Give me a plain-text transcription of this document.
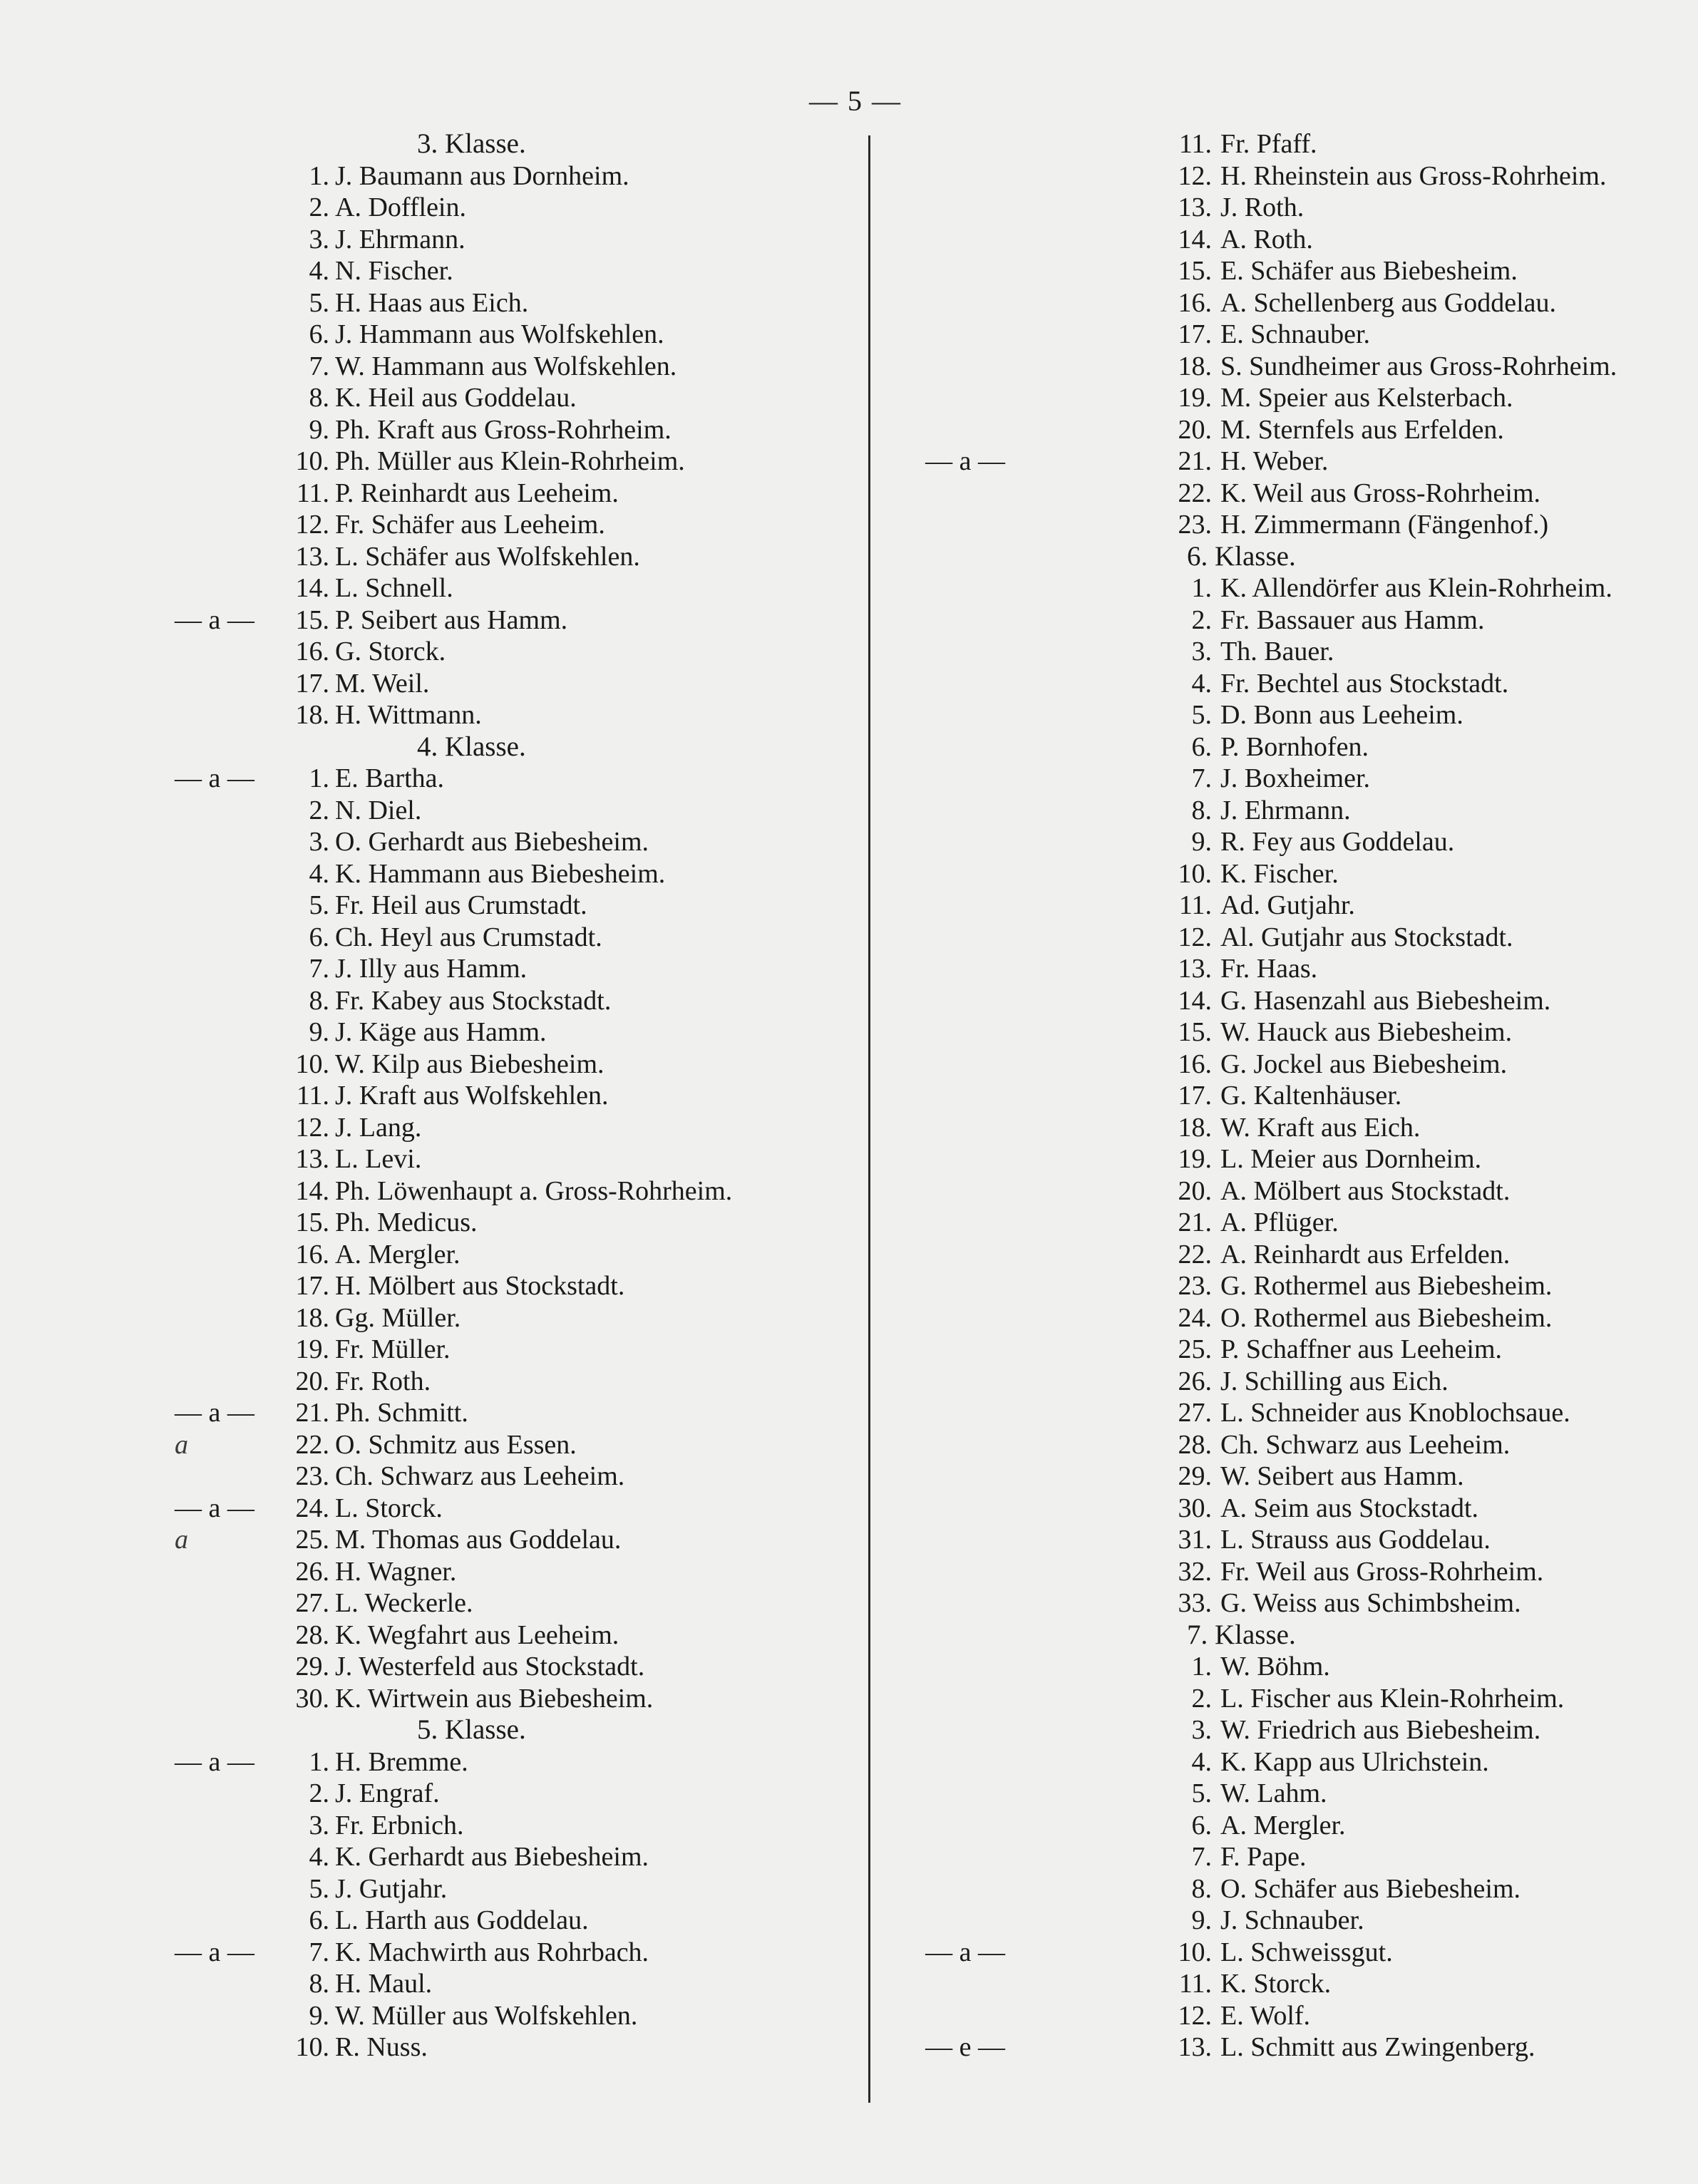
— 5 —
3. Klasse.
1. J. Baumann aus Dornheim.
2. A. Dofflein.
3. J. Ehrmann.
4. N. Fischer.
5. H. Haas aus Eich.
6. J. Hammann aus Wolfskehlen.
7. W. Hammann aus Wolfskehlen.
8. K. Heil aus Goddelau.
9. Ph. Kraft aus Gross-Rohrheim.
10. Ph. Müller aus Klein-Rohrheim.
11. P. Reinhardt aus Leeheim.
12. Fr. Schäfer aus Leeheim.
13. L. Schäfer aus Wolfskehlen.
14. L. Schnell.
— a —	15. P. Seibert aus Hamm.
16. G. Storck.
17. M. Weil.
18. H. Wittmann.
4. Klasse.
— a —	1. E. Bartha.
2. N. Diel.
3. O. Gerhardt aus Biebesheim.
4. K. Hammann aus Biebesheim.
5. Fr. Heil aus Crumstadt.
6. Ch. Heyl aus Crumstadt.
7. J. Illy aus Hamm.
8. Fr. Kabey aus Stockstadt.
9. J. Käge aus Hamm.
10. W. Kilp aus Biebesheim.
11. J. Kraft aus Wolfskehlen.
12. J. Lang.
13. L. Levi.
14. Ph. Löwenhaupt a. Gross-Rohrheim.
15. Ph. Medicus.
16. A. Mergler.
17. H. Mölbert aus Stockstadt.
18. Gg. Müller.
19. Fr. Müller.
20. Fr. Roth.
— a —	21. Ph. Schmitt.
a	22. O. Schmitz aus Essen.
23. Ch. Schwarz aus Leeheim.
— a —	24. L. Storck.
a	25. M. Thomas aus Goddelau.
26. H. Wagner.
27. L. Weckerle.
28. K. Wegfahrt aus Leeheim.
29. J. Westerfeld aus Stockstadt.
30. K. Wirtwein aus Biebesheim.
5. Klasse.
— a —	1. H. Bremme.
2. J. Engraf.
3. Fr. Erbnich.
4. K. Gerhardt aus Biebesheim.
5. J. Gutjahr.
6. L. Harth aus Goddelau.
— a —	7. K. Machwirth aus Rohrbach.
8. H. Maul.
9. W. Müller aus Wolfskehlen.
10. R. Nuss.
11. Fr. Pfaff.
12. H. Rheinstein aus Gross-Rohrheim.
13. J. Roth.
14. A. Roth.
15. E. Schäfer aus Biebesheim.
16. A. Schellenberg aus Goddelau.
17. E. Schnauber.
18. S. Sundheimer aus Gross-Rohrheim.
19. M. Speier aus Kelsterbach.
20. M. Sternfels aus Erfelden.
— a —	21. H. Weber.
22. K. Weil aus Gross-Rohrheim.
23. H. Zimmermann (Fängenhof.)
6. Klasse.
1. K. Allendörfer aus Klein-Rohrheim.
2. Fr. Bassauer aus Hamm.
3. Th. Bauer.
4. Fr. Bechtel aus Stockstadt.
5. D. Bonn aus Leeheim.
6. P. Bornhofen.
7. J. Boxheimer.
8. J. Ehrmann.
9. R. Fey aus Goddelau.
10. K. Fischer.
11. Ad. Gutjahr.
12. Al. Gutjahr aus Stockstadt.
13. Fr. Haas.
14. G. Hasenzahl aus Biebesheim.
15. W. Hauck aus Biebesheim.
16. G. Jockel aus Biebesheim.
17. G. Kaltenhäuser.
18. W. Kraft aus Eich.
19. L. Meier aus Dornheim.
20. A. Mölbert aus Stockstadt.
21. A. Pflüger.
22. A. Reinhardt aus Erfelden.
23. G. Rothermel aus Biebesheim.
24. O. Rothermel aus Biebesheim.
25. P. Schaffner aus Leeheim.
26. J. Schilling aus Eich.
27. L. Schneider aus Knoblochsaue.
28. Ch. Schwarz aus Leeheim.
29. W. Seibert aus Hamm.
30. A. Seim aus Stockstadt.
31. L. Strauss aus Goddelau.
32. Fr. Weil aus Gross-Rohrheim.
33. G. Weiss aus Schimbsheim.
7. Klasse.
1. W. Böhm.
2. L. Fischer aus Klein-Rohrheim.
3. W. Friedrich aus Biebesheim.
4. K. Kapp aus Ulrichstein.
5. W. Lahm.
6. A. Mergler.
7. F. Pape.
8. O. Schäfer aus Biebesheim.
9. J. Schnauber.
— a —	10. L. Schweissgut.
11. K. Storck.
12. E. Wolf.
— e —	13. L. Schmitt aus Zwingenberg.
